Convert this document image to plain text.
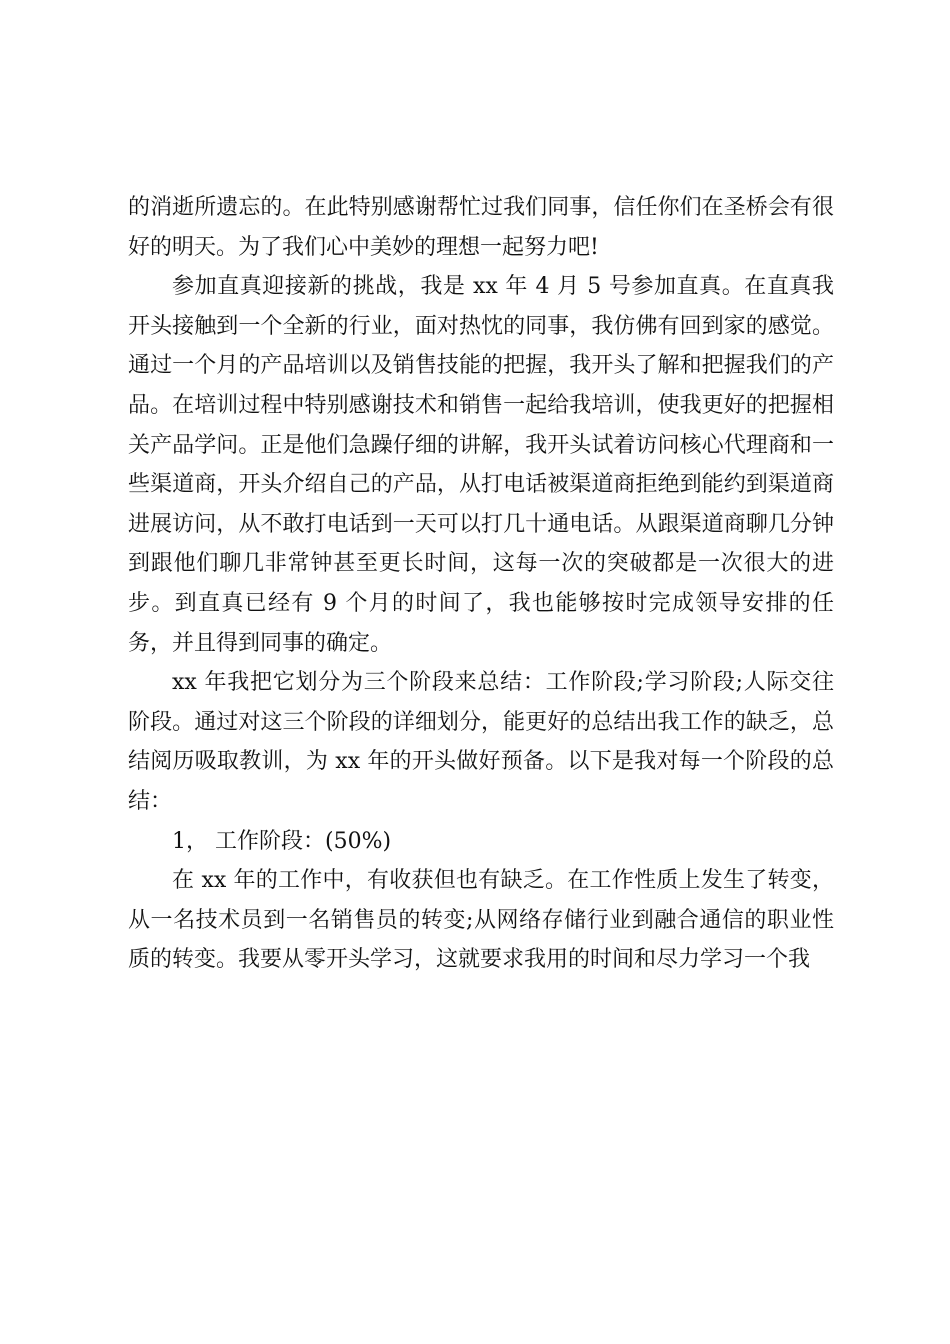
的消逝所遗忘的。在此特别感谢帮忙过我们同事，信任你们在圣桥会有很好的明天。为了我们心中美妙的理想一起努力吧!

参加直真迎接新的挑战，我是 xx 年 4 月 5 号参加直真。在直真我开头接触到一个全新的行业，面对热忱的同事，我仿佛有回到家的感觉。通过一个月的产品培训以及销售技能的把握，我开头了解和把握我们的产品。在培训过程中特别感谢技术和销售一起给我培训，使我更好的把握相关产品学问。正是他们急躁仔细的讲解，我开头试着访问核心代理商和一些渠道商，开头介绍自己的产品，从打电话被渠道商拒绝到能约到渠道商进展访问，从不敢打电话到一天可以打几十通电话。从跟渠道商聊几分钟到跟他们聊几非常钟甚至更长时间，这每一次的突破都是一次很大的进步。到直真已经有 9 个月的时间了，我也能够按时完成领导安排的任务，并且得到同事的确定。

xx 年我把它划分为三个阶段来总结：工作阶段;学习阶段;人际交往阶段。通过对这三个阶段的详细划分，能更好的总结出我工作的缺乏，总结阅历吸取教训，为 xx 年的开头做好预备。以下是我对每一个阶段的总结：

1， 工作阶段：(50%)

在 xx 年的工作中，有收获但也有缺乏。在工作性质上发生了转变，从一名技术员到一名销售员的转变;从网络存储行业到融合通信的职业性质的转变。我要从零开头学习，这就要求我用的时间和尽力学习一个我
